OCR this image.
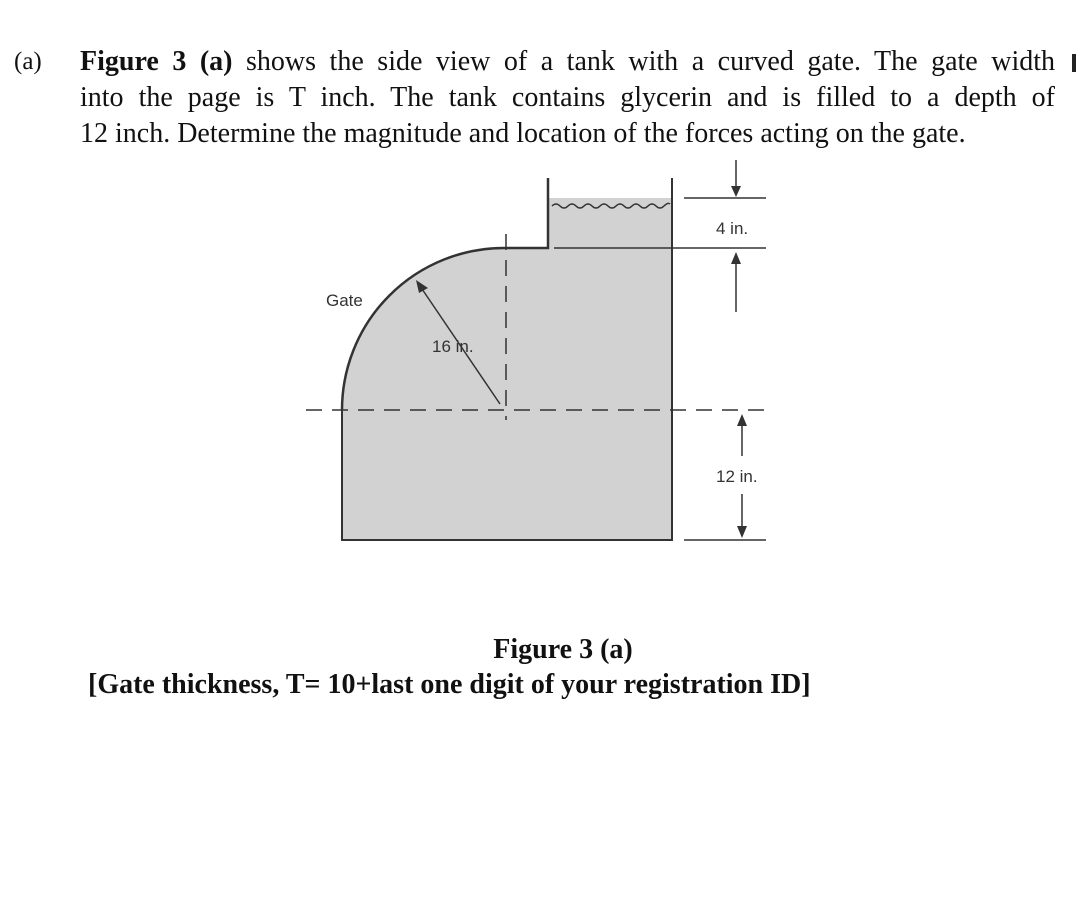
(a) Figure 3 (a) shows the side view of a tank with a curved gate. The gate width
into the page is T inch. The tank contains glycerin and is filled to a depth of
12 inch. Determine the magnitude and location of the forces acting on the gate.
4 in.
12 in.
Gate
16 in.
Figure 3 (a)
[Gate thickness, T= 10+last one digit of your registration ID]
